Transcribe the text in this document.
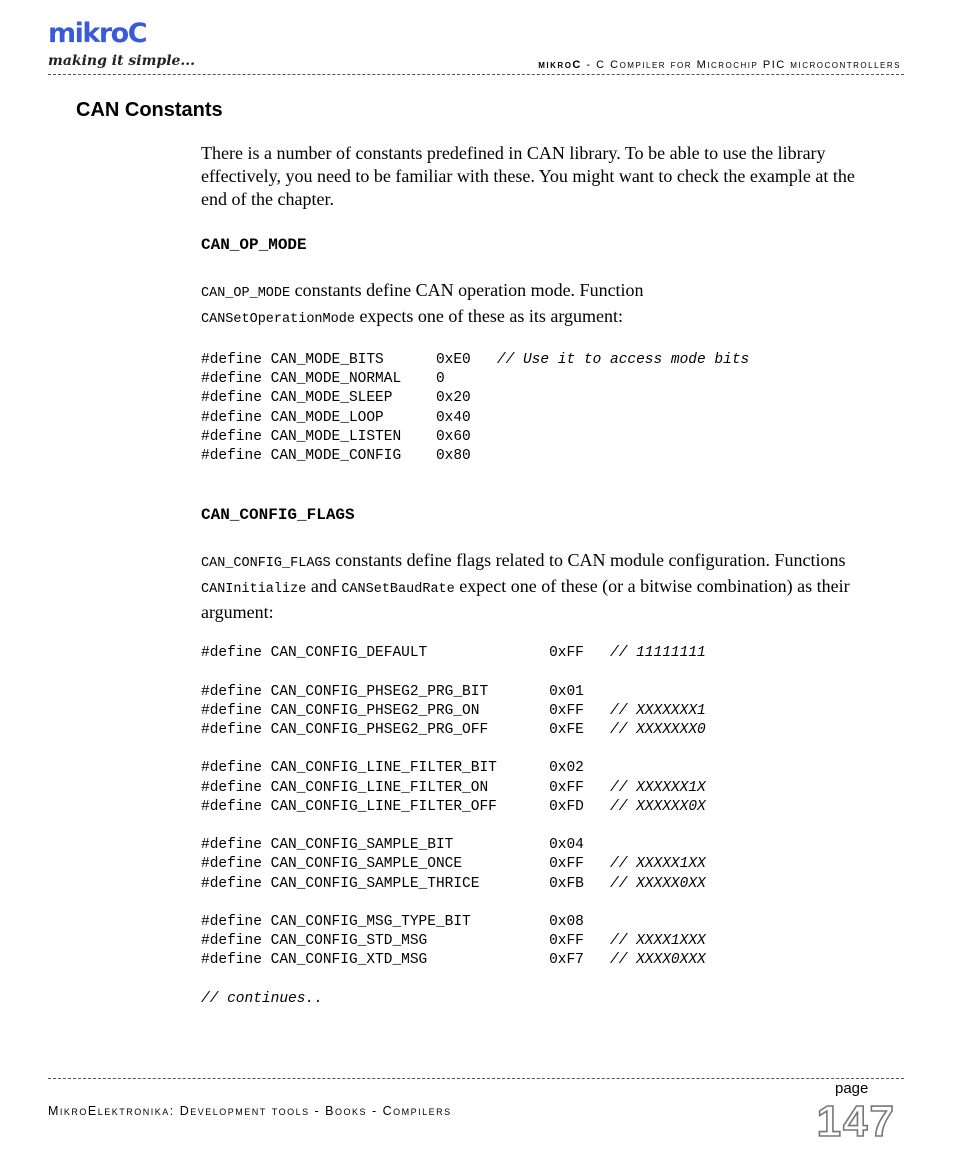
mikroC
making it simple...	mikroC - C Compiler for Microchip PIC microcontrollers
CAN Constants

There is a number of constants predefined in CAN library. To be able to use the library effectively, you need to be familiar with these. You might want to check the example at the end of the chapter.

CAN_OP_MODE

CAN_OP_MODE constants define CAN operation mode. Function
CANSetOperationMode expects one of these as its argument:

#define CAN_MODE_BITS      0xE0   // Use it to access mode bits
#define CAN_MODE_NORMAL    0
#define CAN_MODE_SLEEP     0x20
#define CAN_MODE_LOOP      0x40
#define CAN_MODE_LISTEN    0x60
#define CAN_MODE_CONFIG    0x80

CAN_CONFIG_FLAGS

CAN_CONFIG_FLAGS constants define flags related to CAN module configuration. Functions CANInitialize and CANSetBaudRate expect one of these (or a bitwise combination) as their argument:

#define CAN_CONFIG_DEFAULT              0xFF   // 11111111

#define CAN_CONFIG_PHSEG2_PRG_BIT       0x01
#define CAN_CONFIG_PHSEG2_PRG_ON        0xFF   // XXXXXXX1
#define CAN_CONFIG_PHSEG2_PRG_OFF       0xFE   // XXXXXXX0

#define CAN_CONFIG_LINE_FILTER_BIT      0x02
#define CAN_CONFIG_LINE_FILTER_ON       0xFF   // XXXXXX1X
#define CAN_CONFIG_LINE_FILTER_OFF      0xFD   // XXXXXX0X

#define CAN_CONFIG_SAMPLE_BIT           0x04
#define CAN_CONFIG_SAMPLE_ONCE          0xFF   // XXXXX1XX
#define CAN_CONFIG_SAMPLE_THRICE        0xFB   // XXXXX0XX

#define CAN_CONFIG_MSG_TYPE_BIT         0x08
#define CAN_CONFIG_STD_MSG              0xFF   // XXXX1XXX
#define CAN_CONFIG_XTD_MSG              0xF7   // XXXX0XXX

// continues..
MikroElektronika: Development tools - Books - Compilers
page
147
